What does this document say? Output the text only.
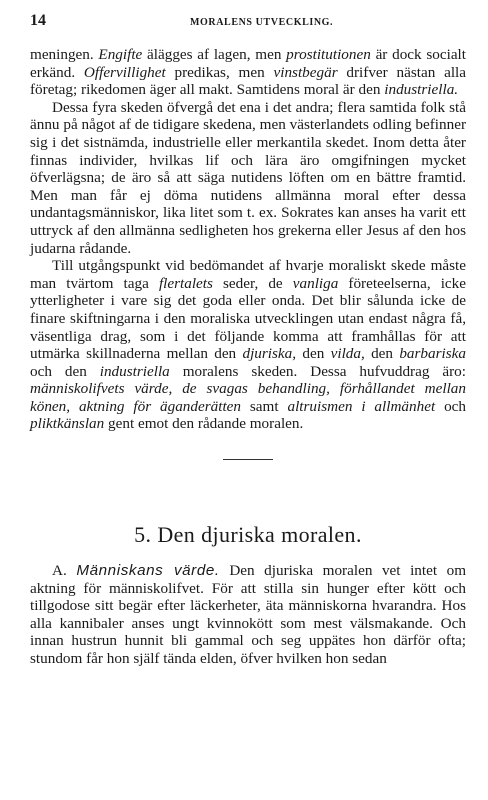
14	MORALENS UTVECKLING.

meningen. Engifte älägges af lagen, men prostitutionen är dock socialt erkänd. Offervillighet predikas, men vinstbegär drifver nästan alla företag; rikedomen äger all makt. Samtidens moral är den industriella.

Dessa fyra skeden öfvergå det ena i det andra; flera samtida folk stå ännu på något af de tidigare skedena, men västerlandets odling befinner sig i det sistnämda, industrielle eller merkantila skedet. Inom detta åter finnas individer, hvilkas lif och lära äro omgifningen mycket öfverlägsna; de äro så att säga nutidens löften om en bättre framtid. Men man får ej döma nutidens allmänna moral efter dessa undantagsmänniskor, lika litet som t. ex. Sokrates kan anses ha varit ett uttryck af den allmänna sedligheten hos grekerna eller Jesus af den hos judarna rådande.

Till utgångspunkt vid bedömandet af hvarje moraliskt skede måste man tvärtom taga flertalets seder, de vanliga företeelserna, icke ytterligheter i vare sig det goda eller onda. Det blir sålunda icke de finare skiftningarna i den moraliska utvecklingen utan endast några få, väsentliga drag, som i det följande komma att framhållas för att utmärka skillnaderna mellan den djuriska, den vilda, den barbariska och den industriella moralens skeden. Dessa hufvuddrag äro: människolifvets värde, de svagas behandling, förhållandet mellan könen, aktning för äganderätten samt altruismen i allmänhet och pliktkänslan gent emot den rådande moralen.

5. Den djuriska moralen.

A. Människans värde. Den djuriska moralen vet intet om aktning för människolifvet. För att stilla sin hunger efter kött och tillgodose sitt begär efter läckerheter, äta människorna hvarandra. Hos alla kannibaler anses ungt kvinnokött som mest välsmakande. Och innan hustrun hunnit bli gammal och seg uppätes hon därför ofta; stundom får hon själf tända elden, öfver hvilken hon sedan
